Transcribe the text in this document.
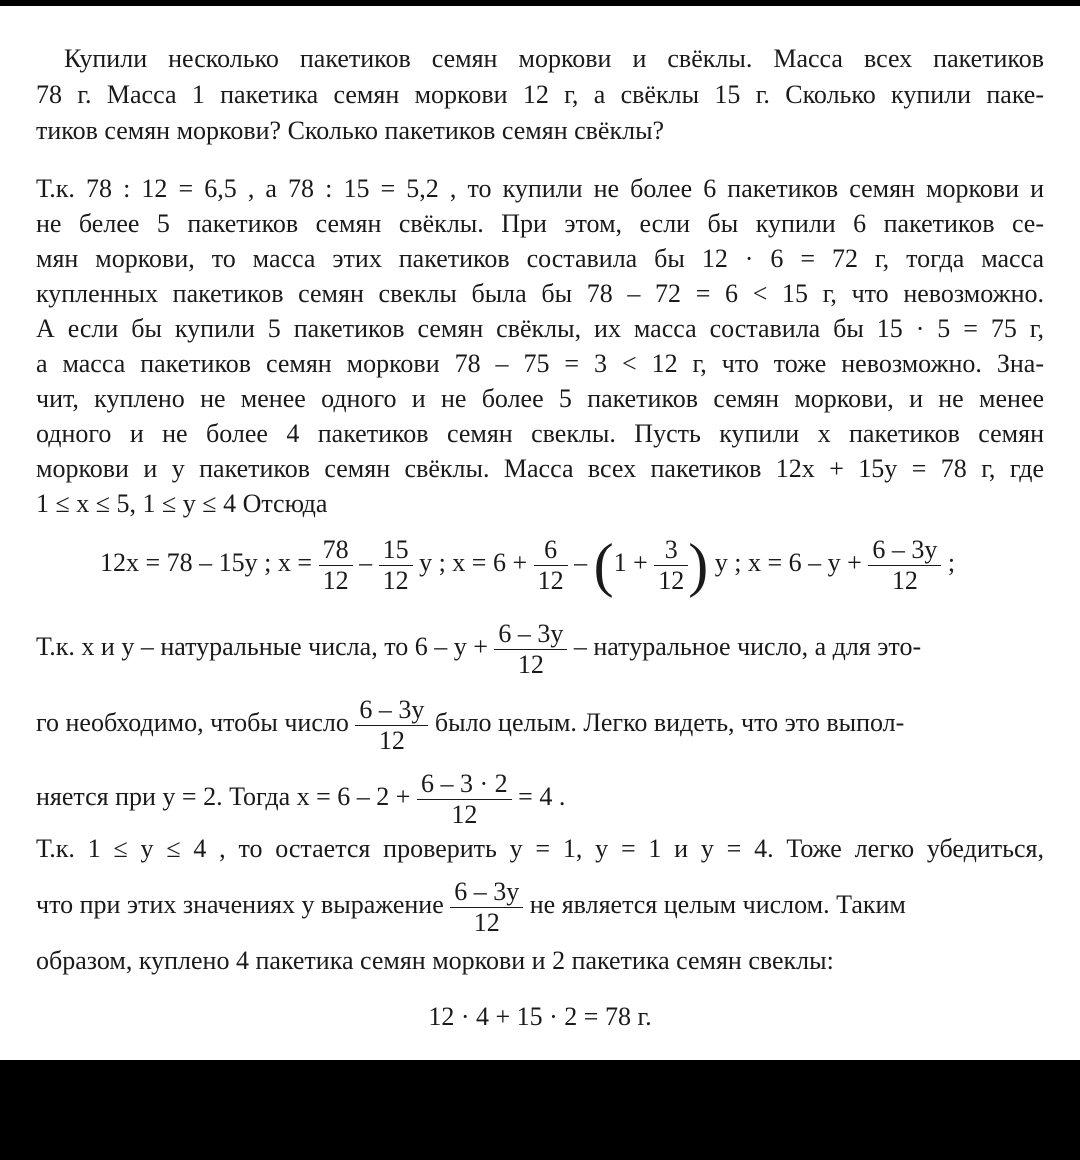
Купили несколько пакетиков семян моркови и свёклы. Масса всех пакетиков
78 г. Масса 1 пакетика семян моркови 12 г, а свёклы 15 г. Сколько купили паке-
тиков семян моркови? Сколько пакетиков семян свёклы?
Т.к. 78 : 12 = 6,5 , а 78 : 15 = 5,2 , то купили не более 6 пакетиков семян моркови и
не белее 5 пакетиков семян свёклы. При этом, если бы купили 6 пакетиков се-
мян моркови, то масса этих пакетиков составила бы 12 · 6 = 72 г, тогда масса
купленных пакетиков семян свеклы была бы 78 – 72 = 6 < 15 г, что невозможно.
А если бы купили 5 пакетиков семян свёклы, их масса составила бы 15 · 5 = 75 г,
а масса пакетиков семян моркови 78 – 75 = 3 < 12 г, что тоже невозможно. Зна-
чит, куплено не менее одного и не более 5 пакетиков семян моркови, и не менее
одного и не более 4 пакетиков семян свеклы. Пусть купили x пакетиков семян
моркови и y пакетиков семян свёклы. Масса всех пакетиков 12x + 15y = 78 г, где
1 ≤ x ≤ 5, 1 ≤ y ≤ 4 Отсюда
12x = 78 – 15y ; $x = \frac{78}{12} - \frac{15}{12}$ y ; $x = 6 + \frac{6}{12} - (1 + \frac{3}{12}$ ) y ; $x = 6 - y + \frac{6 - 3y}{12}$ ;
Т.к. x и y – натуральные числа, то $6 - y + \frac{6 - 3y}{12}$ – натуральное число, а для это-
го необходимо, чтобы число $\frac{6 - 3y}{12}$ было целым. Легко видеть, что это выпол-
няется при y = 2. Тогда $x = 6 - 2 + \frac{6 - 3 \cdot 2}{12} = 4$ .
Т.к. 1 ≤ y ≤ 4 , то остается проверить y = 1, y = 1 и y = 4. Тоже легко убедиться,
что при этих значениях y выражение $\frac{6 - 3y}{12}$ не является целым числом. Таким
образом, куплено 4 пакетика семян моркови и 2 пакетика семян свеклы:
12 · 4 + 15 · 2 = 78 г.
